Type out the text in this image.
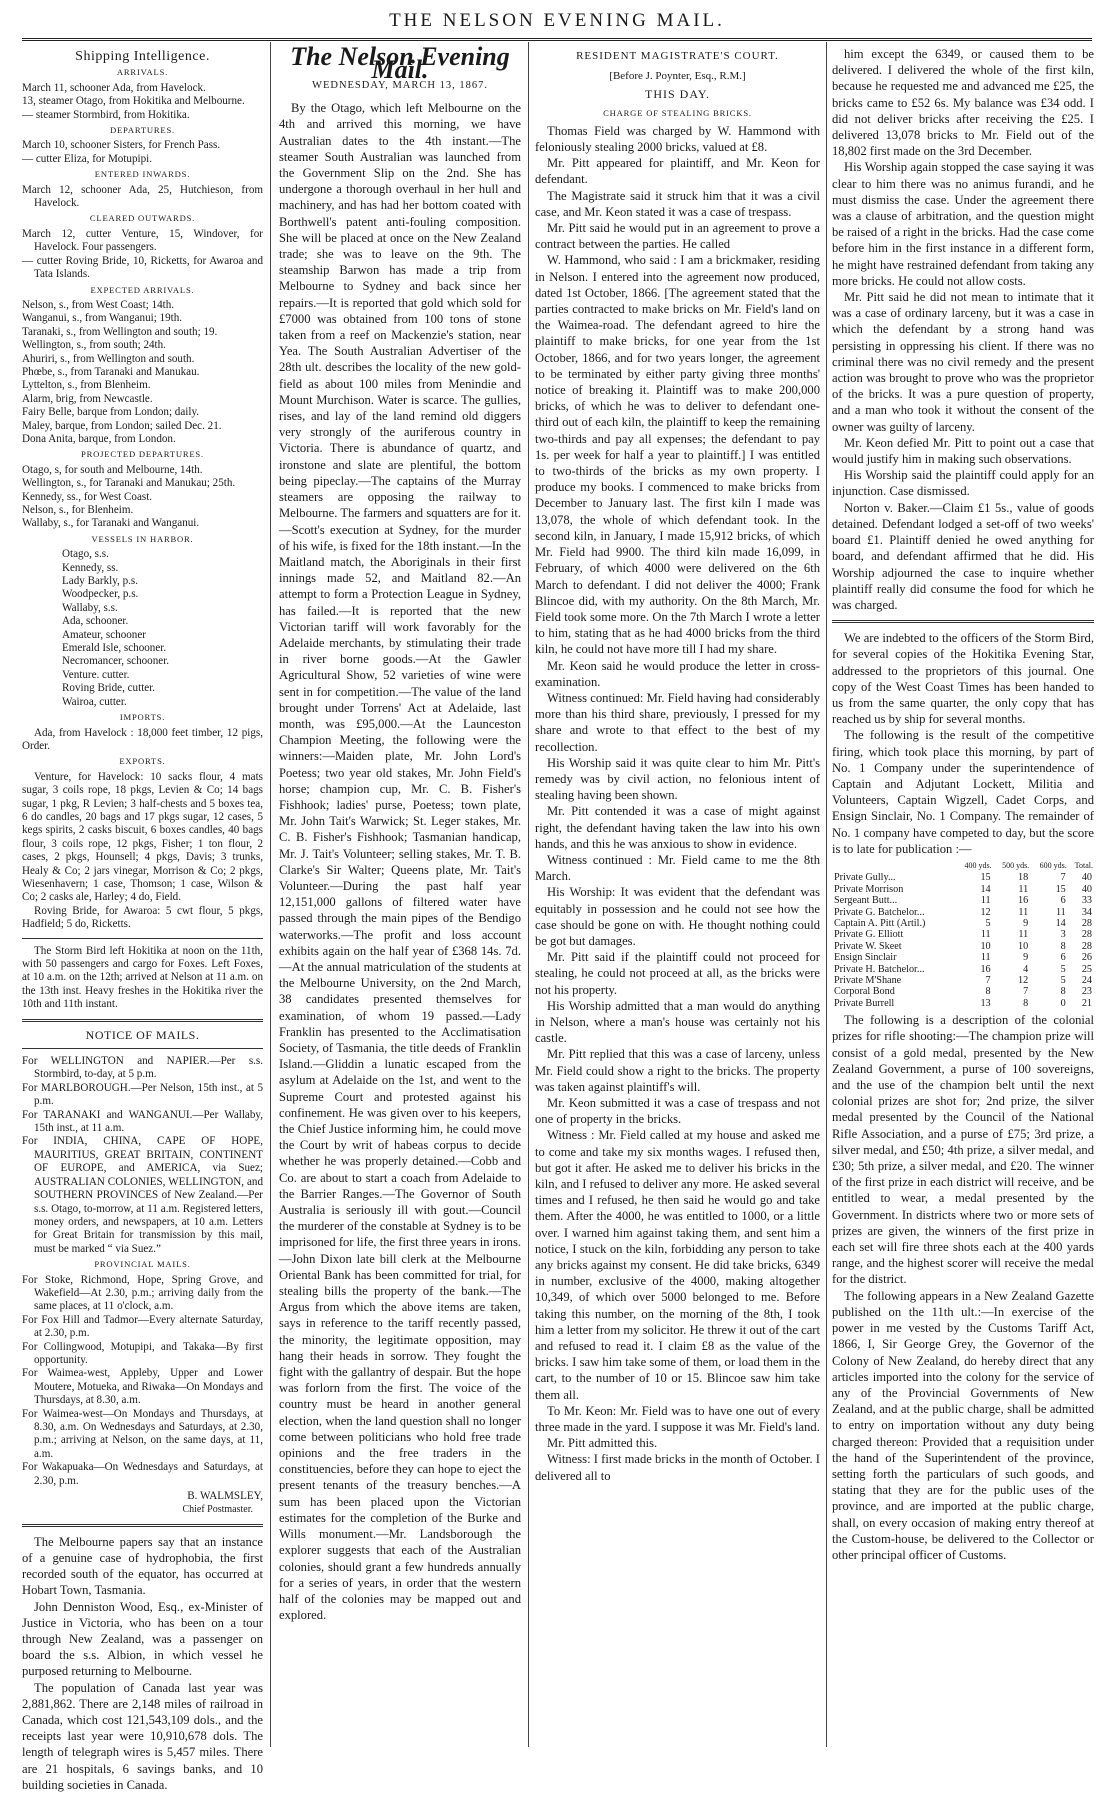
THE NELSON EVENING MAIL.
Shipping Intelligence.
ARRIVALS.

March 11, schooner Ada, from Havelock.

13, steamer Otago, from Hokitika and Melbourne.

— steamer Stormbird, from Hokitika.

DEPARTURES.

March 10, schooner Sisters, for French Pass.

— cutter Eliza, for Motupipi.

ENTERED INWARDS.

March 12, schooner Ada, 25, Hutchieson, from Havelock.

CLEARED OUTWARDS.

March 12, cutter Venture, 15, Windover, for Havelock. Four passengers.

— cutter Roving Bride, 10, Ricketts, for Awaroa and Tata Islands.

EXPECTED ARRIVALS.

Nelson, s., from West Coast; 14th.

Wanganui, s., from Wanganui; 19th.

Taranaki, s., from Wellington and south; 19.

Wellington, s., from south; 24th.

Ahuriri, s., from Wellington and south.

Phœbe, s., from Taranaki and Manukau.

Lyttelton, s., from Blenheim.

Alarm, brig, from Newcastle.

Fairy Belle, barque from London; daily.

Maley, barque, from London; sailed Dec. 21.

Dona Anita, barque, from London.

PROJECTED DEPARTURES.

Otago, s, for south and Melbourne, 14th.

Wellington, s., for Taranaki and Manukau; 25th.

Kennedy, ss., for West Coast.

Nelson, s., for Blenheim.

Wallaby, s., for Taranaki and Wanganui.

VESSELS IN HARBOR.

Otago, s.s.

Kennedy, ss.

Lady Barkly, p.s.

Woodpecker, p.s.

Wallaby, s.s.

Ada, schooner.

Amateur, schooner

Emerald Isle, schooner.

Necromancer, schooner.

Venture. cutter.

Roving Bride, cutter.

Wairoa, cutter.

IMPORTS.

Ada, from Havelock : 18,000 feet timber, 12 pigs, Order.

EXPORTS.

Venture, for Havelock: 10 sacks flour, 4 mats sugar, 3 coils rope, 18 pkgs, Levien & Co; 14 bags sugar, 1 pkg, R Levien; 3 half-chests and 5 boxes tea, 6 do candles, 20 bags and 17 pkgs sugar, 12 cases, 5 kegs spirits, 2 casks biscuit, 6 boxes candles, 40 bags flour, 3 coils rope, 12 pkgs, Fisher; 1 ton flour, 2 cases, 2 pkgs, Hounsell; 4 pkgs, Davis; 3 trunks, Healy & Co; 2 jars vinegar, Morrison & Co; 2 pkgs, Wiesenhavern; 1 case, Thomson; 1 case, Wilson & Co; 2 casks ale, Harley; 4 do, Field.

Roving Bride, for Awaroa: 5 cwt flour, 5 pkgs, Hadfield; 5 do, Ricketts.

The Storm Bird left Hokitika at noon on the 11th, with 50 passengers and cargo for Foxes. Left Foxes, at 10 a.m. on the 12th; arrived at Nelson at 11 a.m. on the 13th inst. Heavy freshes in the Hokitika river the 10th and 11th instant.

NOTICE OF MAILS.

For WELLINGTON and NAPIER.—Per s.s. Stormbird, to-day, at 5 p.m.

For MARLBOROUGH.—Per Nelson, 15th inst., at 5 p.m.

For TARANAKI and WANGANUI.—Per Wallaby, 15th inst., at 11 a.m.

For INDIA, CHINA, CAPE OF HOPE, MAURITIUS, GREAT BRITAIN, CONTINENT OF EUROPE, and AMERICA, via Suez; AUSTRALIAN COLONIES, WELLINGTON, and SOUTHERN PROVINCES of New Zealand.—Per s.s. Otago, to-morrow, at 11 a.m. Registered letters, money orders, and newspapers, at 10 a.m. Letters for Great Britain for transmission by this mail, must be marked “ via Suez.”

PROVINCIAL MAILS.

For Stoke, Richmond, Hope, Spring Grove, and Wakefield—At 2.30, p.m.; arriving daily from the same places, at 11 o'clock, a.m.

For Fox Hill and Tadmor—Every alternate Saturday, at 2.30, p.m.

For Collingwood, Motupipi, and Takaka—By first opportunity.

For Waimea-west, Appleby, Upper and Lower Moutere, Motueka, and Riwaka—On Mondays and Thursdays, at 8.30, a.m.

For Waimea-west—On Mondays and Thursdays, at 8.30, a.m. On Wednesdays and Saturdays, at 2.30, p.m.; arriving at Nelson, on the same days, at 11, a.m.

For Wakapuaka—On Wednesdays and Saturdays, at 2.30, p.m.

B. WALMSLEY,
Chief Postmaster.

The Melbourne papers say that an instance of a genuine case of hydrophobia, the first recorded south of the equator, has occurred at Hobart Town, Tasmania.

John Denniston Wood, Esq., ex-Minister of Justice in Victoria, who has been on a tour through New Zealand, was a passenger on board the s.s. Albion, in which vessel he purposed returning to Melbourne.

The population of Canada last year was 2,881,862. There are 2,148 miles of railroad in Canada, which cost 121,543,109 dols., and the receipts last year were 10,910,678 dols. The length of telegraph wires is 5,457 miles. There are 21 hospitals, 6 savings banks, and 10 building societies in Canada.

The Nelson Evening Mail.
WEDNESDAY, MARCH 13, 1867.

By the Otago, which left Melbourne on the 4th and arrived this morning, we have Australian dates to the 4th instant.—The steamer South Australian was launched from the Government Slip on the 2nd. She has undergone a thorough overhaul in her hull and machinery, and has had her bottom coated with Borthwell's patent anti-fouling composition. She will be placed at once on the New Zealand trade; she was to leave on the 9th. The steamship Barwon has made a trip from Melbourne to Sydney and back since her repairs.—It is reported that gold which sold for £7000 was obtained from 100 tons of stone taken from a reef on Mackenzie's station, near Yea. The South Australian Advertiser of the 28th ult. describes the locality of the new gold-field as about 100 miles from Menindie and Mount Murchison. Water is scarce. The gullies, rises, and lay of the land remind old diggers very strongly of the auriferous country in Victoria. There is abundance of quartz, and ironstone and slate are plentiful, the bottom being pipeclay.—The captains of the Murray steamers are opposing the railway to Melbourne. The farmers and squatters are for it.—Scott's execution at Sydney, for the murder of his wife, is fixed for the 18th instant.—In the Maitland match, the Aboriginals in their first innings made 52, and Maitland 82.—An attempt to form a Protection League in Sydney, has failed.—It is reported that the new Victorian tariff will work favorably for the Adelaide merchants, by stimulating their trade in river borne goods.—At the Gawler Agricultural Show, 52 varieties of wine were sent in for competition.—The value of the land brought under Torrens' Act at Adelaide, last month, was £95,000.—At the Launceston Champion Meeting, the following were the winners:—Maiden plate, Mr. John Lord's Poetess; two year old stakes, Mr. John Field's horse; champion cup, Mr. C. B. Fisher's Fishhook; ladies' purse, Poetess; town plate, Mr. John Tait's Warwick; St. Leger stakes, Mr. C. B. Fisher's Fishhook; Tasmanian handicap, Mr. J. Tait's Volunteer; selling stakes, Mr. T. B. Clarke's Sir Walter; Queens plate, Mr. Tait's Volunteer.—During the past half year 12,151,000 gallons of filtered water have passed through the main pipes of the Bendigo waterworks.—The profit and loss account exhibits again on the half year of £368 14s. 7d.—At the annual matriculation of the students at the Melbourne University, on the 2nd March, 38 candidates presented themselves for examination, of whom 19 passed.—Lady Franklin has presented to the Acclimatisation Society, of Tasmania, the title deeds of Franklin Island.—Gliddin a lunatic escaped from the asylum at Adelaide on the 1st, and went to the Supreme Court and protested against his confinement. He was given over to his keepers, the Chief Justice informing him, he could move the Court by writ of habeas corpus to decide whether he was properly detained.—Cobb and Co. are about to start a coach from Adelaide to the Barrier Ranges.—The Governor of South Australia is seriously ill with gout.—Council the murderer of the constable at Sydney is to be imprisoned for life, the first three years in irons.—John Dixon late bill clerk at the Melbourne Oriental Bank has been committed for trial, for stealing bills the property of the bank.—The Argus from which the above items are taken, says in reference to the tariff recently passed, the minority, the legitimate opposition, may hang their heads in sorrow. They fought the fight with the gallantry of despair. But the hope was forlorn from the first. The voice of the country must be heard in another general election, when the land question shall no longer come between politicians who hold free trade opinions and the free traders in the constituencies, before they can hope to eject the present tenants of the treasury benches.—A sum has been placed upon the Victorian estimates for the completion of the Burke and Wills monument.—Mr. Landsborough the explorer suggests that each of the Australian colonies, should grant a few hundreds annually for a series of years, in order that the western half of the colonies may be mapped out and explored.

RESIDENT MAGISTRATE'S COURT.
[Before J. Poynter, Esq., R.M.]
THIS DAY.
CHARGE OF STEALING BRICKS.

Thomas Field was charged by W. Hammond with feloniously stealing 2000 bricks, valued at £8.

Mr. Pitt appeared for plaintiff, and Mr. Keon for defendant.

The Magistrate said it struck him that it was a civil case, and Mr. Keon stated it was a case of trespass.

Mr. Pitt said he would put in an agreement to prove a contract between the parties. He called

W. Hammond, who said : I am a brickmaker, residing in Nelson. I entered into the agreement now produced, dated 1st October, 1866. [The agreement stated that the parties contracted to make bricks on Mr. Field's land on the Waimea-road. The defendant agreed to hire the plaintiff to make bricks, for one year from the 1st October, 1866, and for two years longer, the agreement to be terminated by either party giving three months' notice of breaking it. Plaintiff was to make 200,000 bricks, of which he was to deliver to defendant one-third out of each kiln, the plaintiff to keep the remaining two-thirds and pay all expenses; the defendant to pay 1s. per week for half a year to plaintiff.] I was entitled to two-thirds of the bricks as my own property. I produce my books. I commenced to make bricks from December to January last. The first kiln I made was 13,078, the whole of which defendant took. In the second kiln, in January, I made 15,912 bricks, of which Mr. Field had 9900. The third kiln made 16,099, in February, of which 4000 were delivered on the 6th March to defendant. I did not deliver the 4000; Frank Blincoe did, with my authority. On the 8th March, Mr. Field took some more. On the 7th March I wrote a letter to him, stating that as he had 4000 bricks from the third kiln, he could not have more till I had my share.

Mr. Keon said he would produce the letter in cross-examination.

Witness continued: Mr. Field having had considerably more than his third share, previously, I pressed for my share and wrote to that effect to the best of my recollection.

His Worship said it was quite clear to him Mr. Pitt's remedy was by civil action, no felonious intent of stealing having been shown.

Mr. Pitt contended it was a case of might against right, the defendant having taken the law into his own hands, and this he was anxious to show in evidence.

Witness continued : Mr. Field came to me the 8th March.

His Worship: It was evident that the defendant was equitably in possession and he could not see how the case should be gone on with. He thought nothing could be got but damages.

Mr. Pitt said if the plaintiff could not proceed for stealing, he could not proceed at all, as the bricks were not his property.

His Worship admitted that a man would do anything in Nelson, where a man's house was certainly not his castle.

Mr. Pitt replied that this was a case of larceny, unless Mr. Field could show a right to the bricks. The property was taken against plaintiff's will.

Mr. Keon submitted it was a case of trespass and not one of property in the bricks.

Witness : Mr. Field called at my house and asked me to come and take my six months wages. I refused then, but got it after. He asked me to deliver his bricks in the kiln, and I refused to deliver any more. He asked several times and I refused, he then said he would go and take them. After the 4000, he was entitled to 1000, or a little over. I warned him against taking them, and sent him a notice, I stuck on the kiln, forbidding any person to take any bricks against my consent. He did take bricks, 6349 in number, exclusive of the 4000, making altogether 10,349, of which over 5000 belonged to me. Before taking this number, on the morning of the 8th, I took him a letter from my solicitor. He threw it out of the cart and refused to read it. I claim £8 as the value of the bricks. I saw him take some of them, or load them in the cart, to the number of 10 or 15. Blincoe saw him take them all.

To Mr. Keon: Mr. Field was to have one out of every three made in the yard. I suppose it was Mr. Field's land.

Mr. Pitt admitted this.

Witness: I first made bricks in the month of October. I delivered all to

him except the 6349, or caused them to be delivered. I delivered the whole of the first kiln, because he requested me and advanced me £25, the bricks came to £52 6s. My balance was £34 odd. I did not deliver bricks after receiving the £25. I delivered 13,078 bricks to Mr. Field out of the 18,802 first made on the 3rd December.

His Worship again stopped the case saying it was clear to him there was no animus furandi, and he must dismiss the case. Under the agreement there was a clause of arbitration, and the question might be raised of a right in the bricks. Had the case come before him in the first instance in a different form, he might have restrained defendant from taking any more bricks. He could not allow costs.

Mr. Pitt said he did not mean to intimate that it was a case of ordinary larceny, but it was a case in which the defendant by a strong hand was persisting in oppressing his client. If there was no criminal there was no civil remedy and the present action was brought to prove who was the proprietor of the bricks. It was a pure question of property, and a man who took it without the consent of the owner was guilty of larceny.

Mr. Keon defied Mr. Pitt to point out a case that would justify him in making such observations.

His Worship said the plaintiff could apply for an injunction. Case dismissed.

Norton v. Baker.—Claim £1 5s., value of goods detained. Defendant lodged a set-off of two weeks' board £1. Plaintiff denied he owed anything for board, and defendant affirmed that he did. His Worship adjourned the case to inquire whether plaintiff really did consume the food for which he was charged.

We are indebted to the officers of the Storm Bird, for several copies of the Hokitika Evening Star, addressed to the proprietors of this journal. One copy of the West Coast Times has been handed to us from the same quarter, the only copy that has reached us by ship for several months.

The following is the result of the competitive firing, which took place this morning, by part of No. 1 Company under the superintendence of Captain and Adjutant Lockett, Militia and Volunteers, Captain Wigzell, Cadet Corps, and Ensign Sinclair, No. 1 Company. The remainder of No. 1 company have competed to day, but the score is to late for publication :—

	400 yds.	500 yds.	600 yds.	Total.
Private Gully...	15	18	7	40
Private Morrison	14	11	15	40
Sergeant Butt...	11	16	6	33
Private G. Batchelor...	12	11	11	34
Captain A. Pitt (Artil.)	5	9	14	28
Private G. Elliott	11	11	3	28
Private W. Skeet	10	10	8	28
Ensign Sinclair	11	9	6	26
Private H. Batchelor...	16	4	5	25
Private M'Shane	7	12	5	24
Corporal Bond	8	7	8	23
Private Burrell	13	8	0	21

The following is a description of the colonial prizes for rifle shooting:—The champion prize will consist of a gold medal, presented by the New Zealand Government, a purse of 100 sovereigns, and the use of the champion belt until the next colonial prizes are shot for; 2nd prize, the silver medal presented by the Council of the National Rifle Association, and a purse of £75; 3rd prize, a silver medal, and £50; 4th prize, a silver medal, and £30; 5th prize, a silver medal, and £20. The winner of the first prize in each district will receive, and be entitled to wear, a medal presented by the Government. In districts where two or more sets of prizes are given, the winners of the first prize in each set will fire three shots each at the 400 yards range, and the highest scorer will receive the medal for the district.

The following appears in a New Zealand Gazette published on the 11th ult.:—In exercise of the power in me vested by the Customs Tariff Act, 1866, I, Sir George Grey, the Governor of the Colony of New Zealand, do hereby direct that any articles imported into the colony for the service of any of the Provincial Governments of New Zealand, and at the public charge, shall be admitted to entry on importation without any duty being charged thereon: Provided that a requisition under the hand of the Superintendent of the province, setting forth the particulars of such goods, and stating that they are for the public uses of the province, and are imported at the public charge, shall, on every occasion of making entry thereof at the Custom-house, be delivered to the Collector or other principal officer of Customs.
